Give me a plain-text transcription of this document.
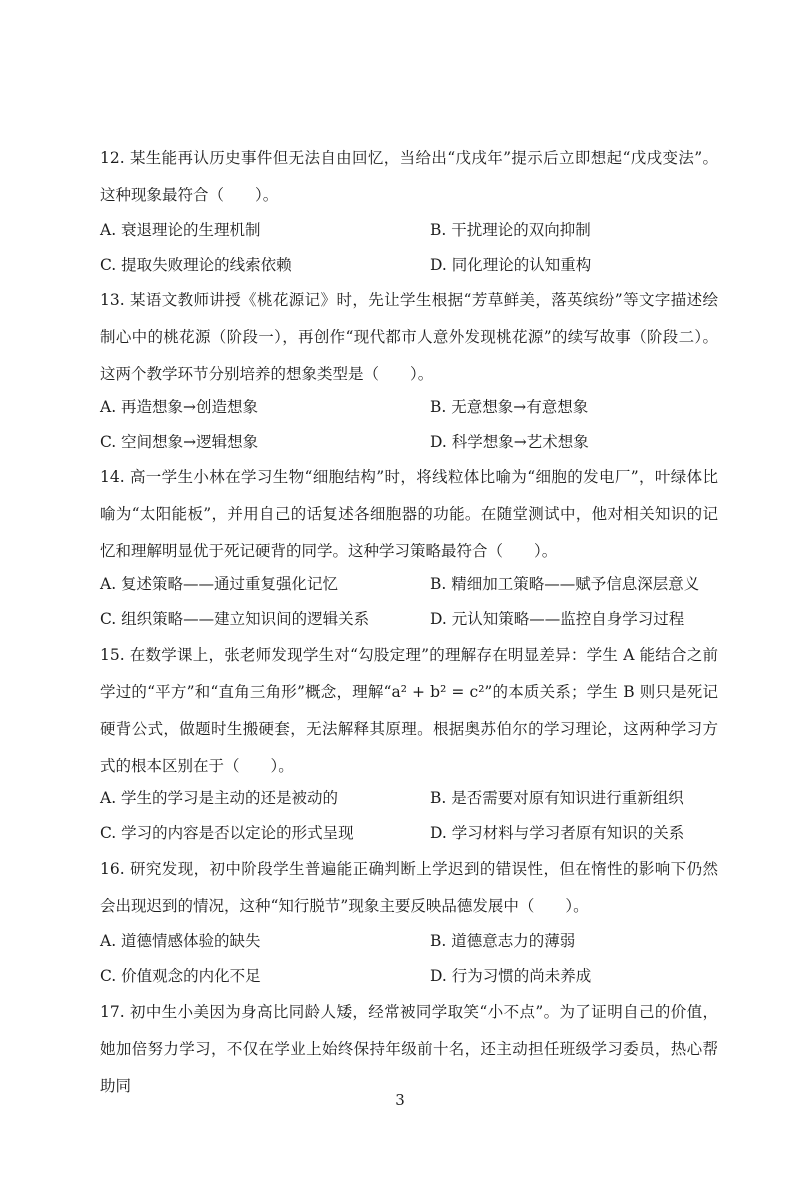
12. 某生能再认历史事件但无法自由回忆，当给出“戊戌年”提示后立即想起“戊戌变法”。这种现象最符合（　　）。

A. 衰退理论的生理机制	B. 干扰理论的双向抑制
C. 提取失败理论的线索依赖	D. 同化理论的认知重构

13. 某语文教师讲授《桃花源记》时，先让学生根据“芳草鲜美，落英缤纷”等文字描述绘制心中的桃花源（阶段一），再创作“现代都市人意外发现桃花源”的续写故事（阶段二）。这两个教学环节分别培养的想象类型是（　　）。

A. 再造想象→创造想象	B. 无意想象→有意想象
C. 空间想象→逻辑想象	D. 科学想象→艺术想象

14. 高一学生小林在学习生物“细胞结构”时，将线粒体比喻为“细胞的发电厂”，叶绿体比喻为“太阳能板”，并用自己的话复述各细胞器的功能。在随堂测试中，他对相关知识的记忆和理解明显优于死记硬背的同学。这种学习策略最符合（　　）。

A. 复述策略——通过重复强化记忆	B. 精细加工策略——赋予信息深层意义
C. 组织策略——建立知识间的逻辑关系	D. 元认知策略——监控自身学习过程

15. 在数学课上，张老师发现学生对“勾股定理”的理解存在明显差异：学生 A 能结合之前学过的“平方”和“直角三角形”概念，理解“a² + b² = c²”的本质关系；学生 B 则只是死记硬背公式，做题时生搬硬套，无法解释其原理。根据奥苏伯尔的学习理论，这两种学习方式的根本区别在于（　　）。

A. 学生的学习是主动的还是被动的	B. 是否需要对原有知识进行重新组织
C. 学习的内容是否以定论的形式呈现	D. 学习材料与学习者原有知识的关系

16. 研究发现，初中阶段学生普遍能正确判断上学迟到的错误性，但在惰性的影响下仍然会出现迟到的情况，这种“知行脱节”现象主要反映品德发展中（　　）。

A. 道德情感体验的缺失	B. 道德意志力的薄弱
C. 价值观念的内化不足	D. 行为习惯的尚未养成

17. 初中生小美因为身高比同龄人矮，经常被同学取笑“小不点”。为了证明自己的价值，她加倍努力学习，不仅在学业上始终保持年级前十名，还主动担任班级学习委员，热心帮助同

3
